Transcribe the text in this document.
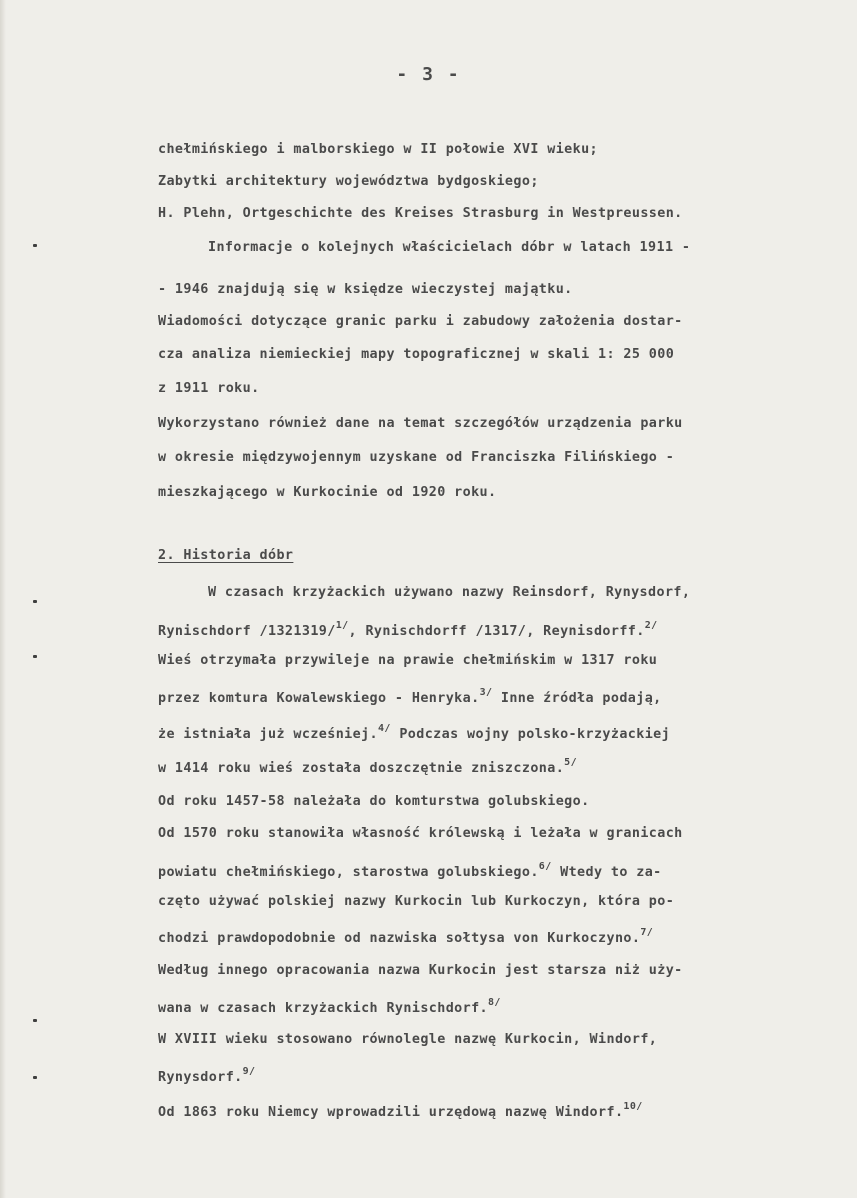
- 3 -
chełmińskiego i malborskiego w II połowie XVI wieku;
Zabytki architektury województwa bydgoskiego;
H. Plehn, Ortgeschichte des Kreises Strasburg in Westpreussen.
Informacje o kolejnych właścicielach dóbr w latach 1911 -
- 1946 znajdują się w księdze wieczystej majątku.
Wiadomości dotyczące granic parku i zabudowy założenia dostar-
cza analiza niemieckiej mapy topograficznej w skali 1: 25 000
z 1911 roku.
Wykorzystano również dane na temat szczegółów urządzenia parku
w okresie międzywojennym uzyskane od Franciszka Filińskiego -
mieszkającego w Kurkocinie od 1920 roku.
2. Historia dóbr
W czasach krzyżackich używano nazwy Reinsdorf, Rynysdorf,
Rynischdorf /1321319/$^{1/}$, Rynischdorff /1317/, Reynisdorff.$^{2/}$
Wieś otrzymała przywileje na prawie chełmińskim w 1317 roku
przez komtura Kowalewskiego - Henryka.$^{3/}$ Inne źródła podają,
że istniała już wcześniej.$^{4/}$ Podczas wojny polsko-krzyżackiej
w 1414 roku wieś została doszczętnie zniszczona.$^{5/}$
Od roku 1457-58 należała do komturstwa golubskiego.
Od 1570 roku stanowiła własność królewską i leżała w granicach
powiatu chełmińskiego, starostwa golubskiego.$^{6/}$ Wtedy to za-
częto używać polskiej nazwy Kurkocin lub Kurkoczyn, która po-
chodzi prawdopodobnie od nazwiska sołtysa von Kurkoczyno.$^{7/}$
Według innego opracowania nazwa Kurkocin jest starsza niż uży-
wana w czasach krzyżackich Rynischdorf.$^{8/}$
W XVIII wieku stosowano równolegle nazwę Kurkocin, Windorf,
Rynysdorf.$^{9/}$
Od 1863 roku Niemcy wprowadzili urzędową nazwę Windorf.$^{10/}$
